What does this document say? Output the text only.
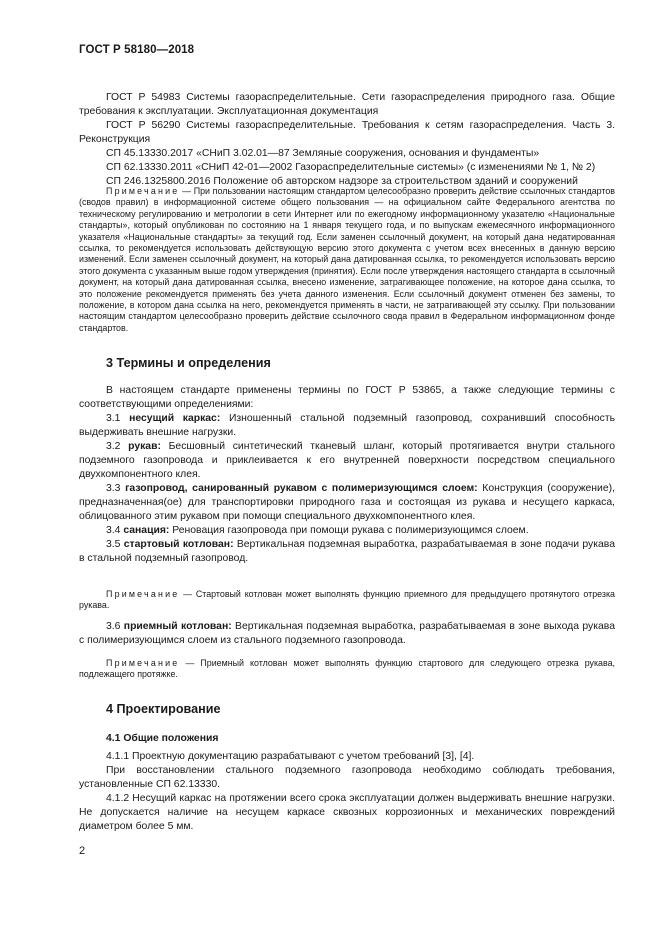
ГОСТ Р 58180—2018

ГОСТ Р 54983 Системы газораспределительные. Сети газораспределения природного газа. Общие требования к эксплуатации. Эксплуатационная документация

ГОСТ Р 56290 Системы газораспределительные. Требования к сетям газораспределения. Часть 3. Реконструкция

СП 45.13330.2017 «СНиП 3.02.01—87 Земляные сооружения, основания и фундаменты»

СП 62.13330.2011 «СНиП 42-01—2002 Газораспределительные системы» (с изменениями № 1, № 2)

СП 246.1325800.2016 Положение об авторском надзоре за строительством зданий и сооружений

Примечание — При пользовании настоящим стандартом целесообразно проверить действие ссылочных стандартов (сводов правил) в информационной системе общего пользования — на официальном сайте Федерального агентства по техническому регулированию и метрологии в сети Интернет или по ежегодному информационному указателю «Национальные стандарты», который опубликован по состоянию на 1 января текущего года, и по выпускам ежемесячного информационного указателя «Национальные стандарты» за текущий год. Если заменен ссылочный документ, на который дана недатированная ссылка, то рекомендуется использовать действующую версию этого документа с учетом всех внесенных в данную версию изменений. Если заменен ссылочный документ, на который дана датированная ссылка, то рекомендуется использовать версию этого документа с указанным выше годом утверждения (принятия). Если после утверждения настоящего стандарта в ссылочный документ, на который дана датированная ссылка, внесено изменение, затрагивающее положение, на которое дана ссылка, то это положение рекомендуется применять без учета данного изменения. Если ссылочный документ отменен без замены, то положение, в котором дана ссылка на него, рекомендуется применять в части, не затрагивающей эту ссылку. При пользовании настоящим стандартом целесообразно проверить действие ссылочного свода правил в Федеральном информационном фонде стандартов.

3 Термины и определения

В настоящем стандарте применены термины по ГОСТ Р 53865, а также следующие термины с соответствующими определениями:

3.1 несущий каркас: Изношенный стальной подземный газопровод, сохранивший способность выдерживать внешние нагрузки.

3.2 рукав: Бесшовный синтетический тканевый шланг, который протягивается внутри стального подземного газопровода и приклеивается к его внутренней поверхности посредством специального двухкомпонентного клея.

3.3 газопровод, санированный рукавом с полимеризующимся слоем: Конструкция (сооружение), предназначенная(ое) для транспортировки природного газа и состоящая из рукава и несущего каркаса, облицованного этим рукавом при помощи специального двухкомпонентного клея.

3.4 санация: Реновация газопровода при помощи рукава с полимеризующимся слоем.

3.5 стартовый котлован: Вертикальная подземная выработка, разрабатываемая в зоне подачи рукава в стальной подземный газопровод.

Примечание — Стартовый котлован может выполнять функцию приемного для предыдущего протянутого отрезка рукава.

3.6 приемный котлован: Вертикальная подземная выработка, разрабатываемая в зоне выхода рукава с полимеризующимся слоем из стального подземного газопровода.

Примечание — Приемный котлован может выполнять функцию стартового для следующего отрезка рукава, подлежащего протяжке.

4 Проектирование

4.1 Общие положения

4.1.1 Проектную документацию разрабатывают с учетом требований [3], [4].

При восстановлении стального подземного газопровода необходимо соблюдать требования, установленные СП 62.13330.

4.1.2 Несущий каркас на протяжении всего срока эксплуатации должен выдерживать внешние нагрузки. Не допускается наличие на несущем каркасе сквозных коррозионных и механических повреждений диаметром более 5 мм.

2
